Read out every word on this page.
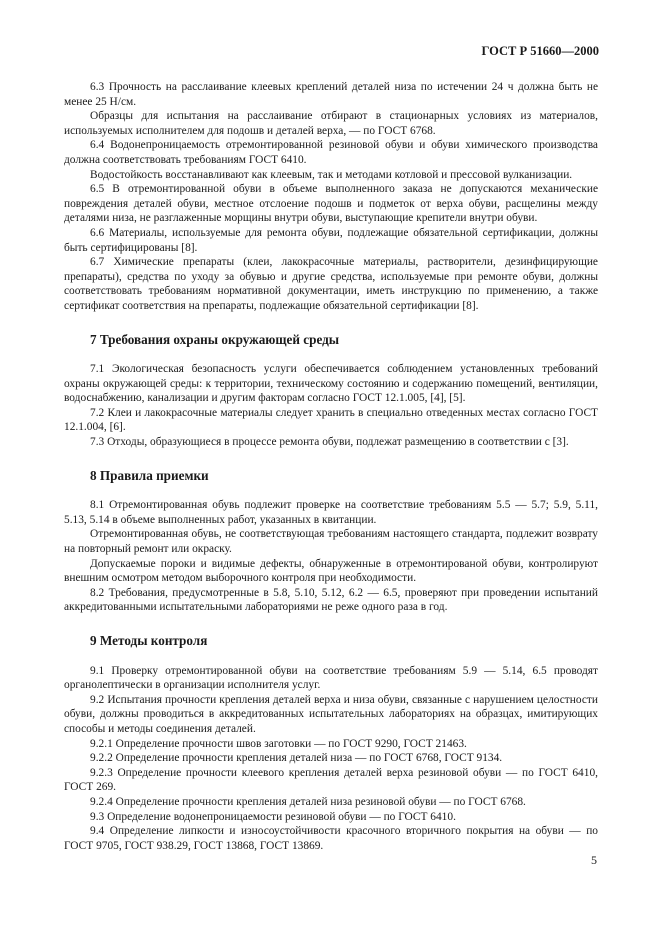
ГОСТ Р 51660—2000

6.3 Прочность на расслаивание клеевых креплений деталей низа по истечении 24 ч должна быть не менее 25 Н/см.

Образцы для испытания на расслаивание отбирают в стационарных условиях из материалов, используемых исполнителем для подошв и деталей верха, — по ГОСТ 6768.

6.4 Водонепроницаемость отремонтированной резиновой обуви и обуви химического производства должна соответствовать требованиям ГОСТ 6410.

Водостойкость восстанавливают как клеевым, так и методами котловой и прессовой вулканизации.

6.5 В отремонтированной обуви в объеме выполненного заказа не допускаются механические повреждения деталей обуви, местное отслоение подошв и подметок от верха обуви, расщелины между деталями низа, не разглаженные морщины внутри обуви, выступающие крепители внутри обуви.

6.6 Материалы, используемые для ремонта обуви, подлежащие обязательной сертификации, должны быть сертифицированы [8].

6.7 Химические препараты (клеи, лакокрасочные материалы, растворители, дезинфицирующие препараты), средства по уходу за обувью и другие средства, используемые при ремонте обуви, должны соответствовать требованиям нормативной документации, иметь инструкцию по применению, а также сертификат соответствия на препараты, подлежащие обязательной сертификации [8].

7 Требования охраны окружающей среды

7.1 Экологическая безопасность услуги обеспечивается соблюдением установленных требований охраны окружающей среды: к территории, техническому состоянию и содержанию помещений, вентиляции, водоснабжению, канализации и другим факторам согласно ГОСТ 12.1.005, [4], [5].

7.2 Клеи и лакокрасочные материалы следует хранить в специально отведенных местах согласно ГОСТ 12.1.004, [6].

7.3 Отходы, образующиеся в процессе ремонта обуви, подлежат размещению в соответствии с [3].

8 Правила приемки

8.1 Отремонтированная обувь подлежит проверке на соответствие требованиям 5.5 — 5.7; 5.9, 5.11, 5.13, 5.14 в объеме выполненных работ, указанных в квитанции.

Отремонтированная обувь, не соответствующая требованиям настоящего стандарта, подлежит возврату на повторный ремонт или окраску.

Допускаемые пороки и видимые дефекты, обнаруженные в отремонтированой обуви, контролируют внешним осмотром методом выборочного контроля при необходимости.

8.2 Требования, предусмотренные в 5.8, 5.10, 5.12, 6.2 — 6.5, проверяют при проведении испытаний аккредитованными испытательными лабораториями не реже одного раза в год.

9 Методы контроля

9.1 Проверку отремонтированной обуви на соответствие требованиям 5.9 — 5.14, 6.5 проводят органолептически в организации исполнителя услуг.

9.2 Испытания прочности крепления деталей верха и низа обуви, связанные с нарушением целостности обуви, должны проводиться в аккредитованных испытательных лабораториях на образцах, имитирующих способы и методы соединения деталей.

9.2.1 Определение прочности швов заготовки — по ГОСТ 9290, ГОСТ 21463.

9.2.2 Определение прочности крепления деталей низа — по ГОСТ 6768, ГОСТ 9134.

9.2.3 Определение прочности клеевого крепления деталей верха резиновой обуви — по ГОСТ 6410, ГОСТ 269.

9.2.4 Определение прочности крепления деталей низа резиновой обуви — по ГОСТ 6768.

9.3 Определение водонепроницаемости резиновой обуви — по ГОСТ 6410.

9.4 Определение липкости и износоустойчивости красочного вторичного покрытия на обуви — по ГОСТ 9705, ГОСТ 938.29, ГОСТ 13868, ГОСТ 13869.

5
